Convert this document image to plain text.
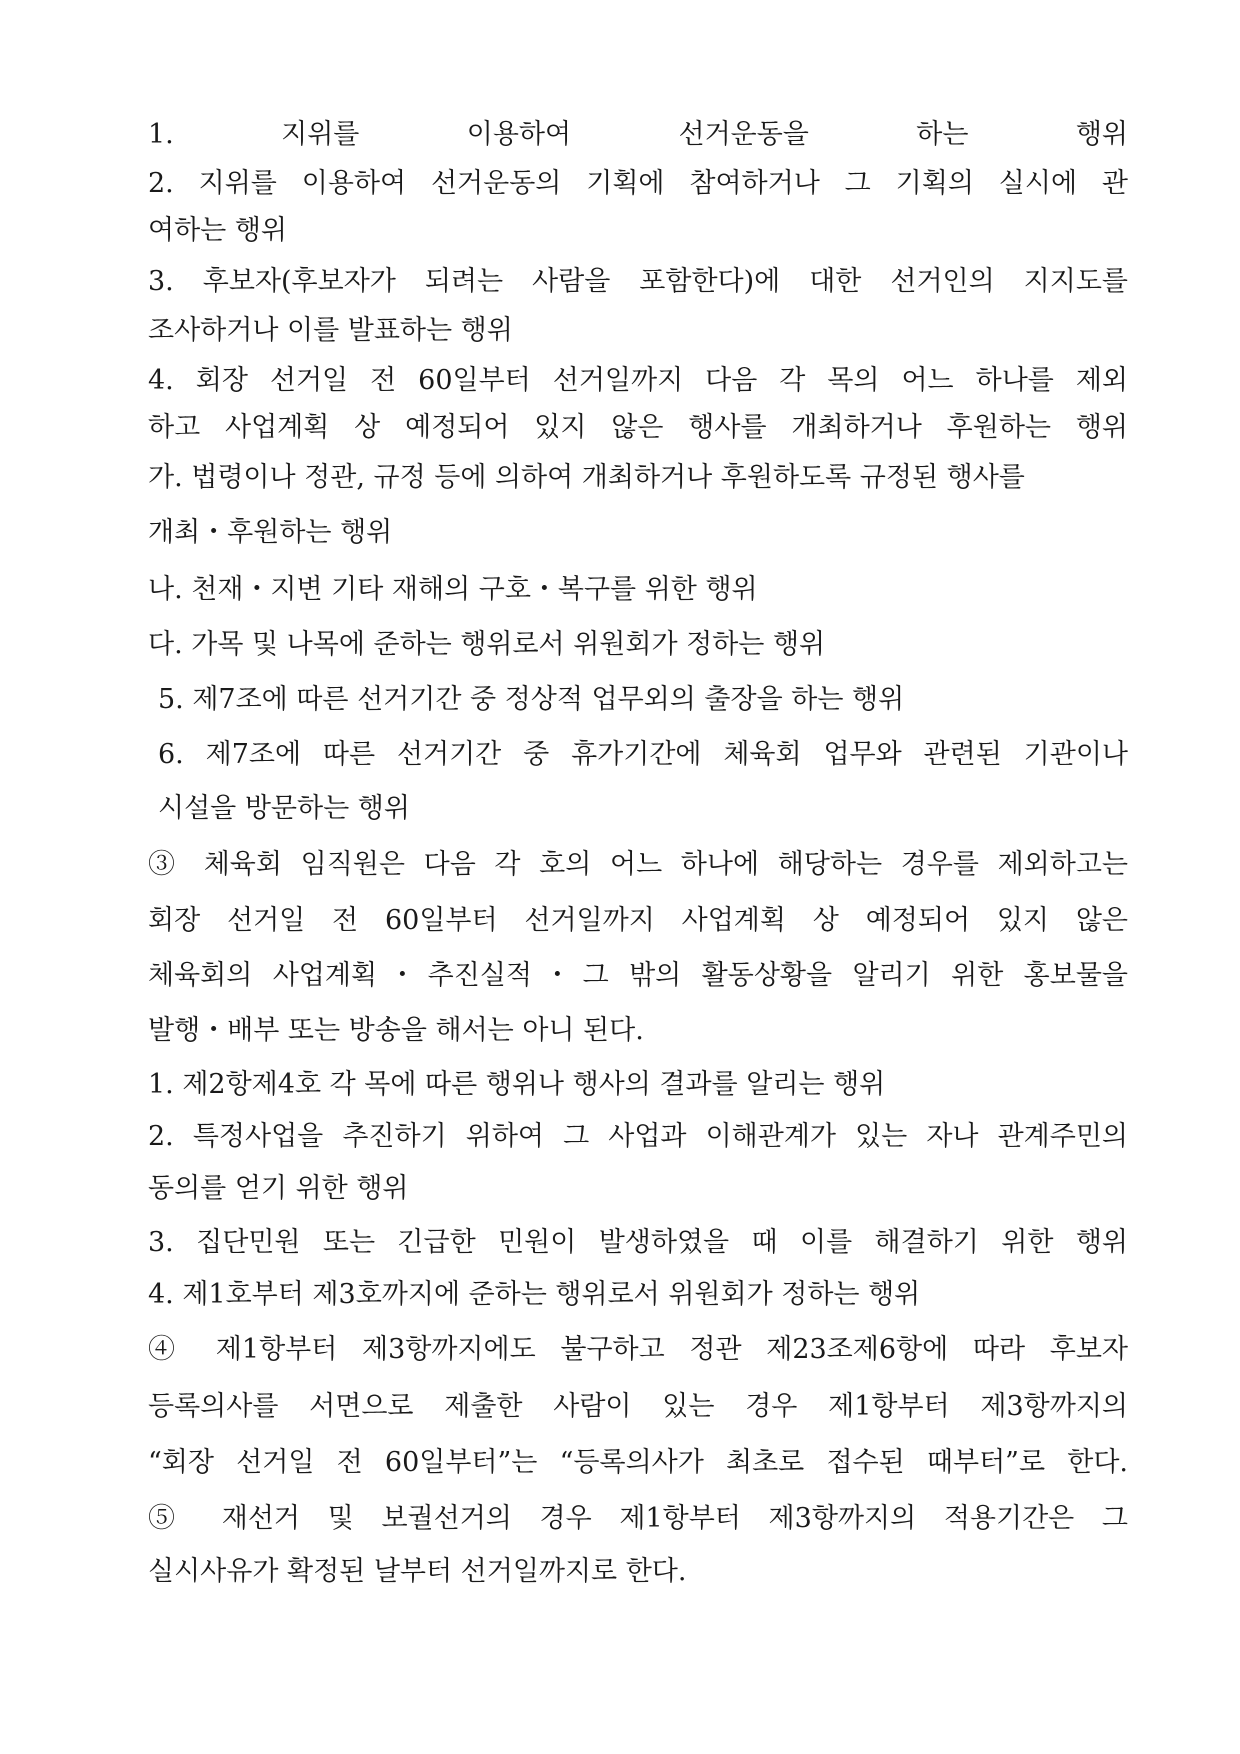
1. 지위를 이용하여 선거운동을 하는 행위
2. 지위를 이용하여 선거운동의 기획에 참여하거나 그 기획의 실시에 관
여하는 행위
3. 후보자(후보자가 되려는 사람을 포함한다)에 대한 선거인의 지지도를
조사하거나 이를 발표하는 행위
4. 회장 선거일 전 60일부터 선거일까지 다음 각 목의 어느 하나를 제외
하고 사업계획 상 예정되어 있지 않은 행사를 개최하거나 후원하는 행위
가. 법령이나 정관, 규정 등에 의하여 개최하거나 후원하도록 규정된 행사를
개최・후원하는 행위
나. 천재・지변 기타 재해의 구호・복구를 위한 행위
다. 가목 및 나목에 준하는 행위로서 위원회가 정하는 행위
5. 제7조에 따른 선거기간 중 정상적 업무외의 출장을 하는 행위
6. 제7조에 따른 선거기간 중 휴가기간에 체육회 업무와 관련된 기관이나
시설을 방문하는 행위
③ 체육회 임직원은 다음 각 호의 어느 하나에 해당하는 경우를 제외하고는
회장 선거일 전 60일부터 선거일까지 사업계획 상 예정되어 있지 않은
체육회의 사업계획・추진실적・그 밖의 활동상황을 알리기 위한 홍보물을
발행・배부 또는 방송을 해서는 아니 된다.
1. 제2항제4호 각 목에 따른 행위나 행사의 결과를 알리는 행위
2. 특정사업을 추진하기 위하여 그 사업과 이해관계가 있는 자나 관계주민의
동의를 얻기 위한 행위
3. 집단민원 또는 긴급한 민원이 발생하였을 때 이를 해결하기 위한 행위
4. 제1호부터 제3호까지에 준하는 행위로서 위원회가 정하는 행위
④ 제1항부터 제3항까지에도 불구하고 정관 제23조제6항에 따라 후보자
등록의사를 서면으로 제출한 사람이 있는 경우 제1항부터 제3항까지의
“회장 선거일 전 60일부터”는 “등록의사가 최초로 접수된 때부터”로 한다.
⑤ 재선거 및 보궐선거의 경우 제1항부터 제3항까지의 적용기간은 그
실시사유가 확정된 날부터 선거일까지로 한다.
